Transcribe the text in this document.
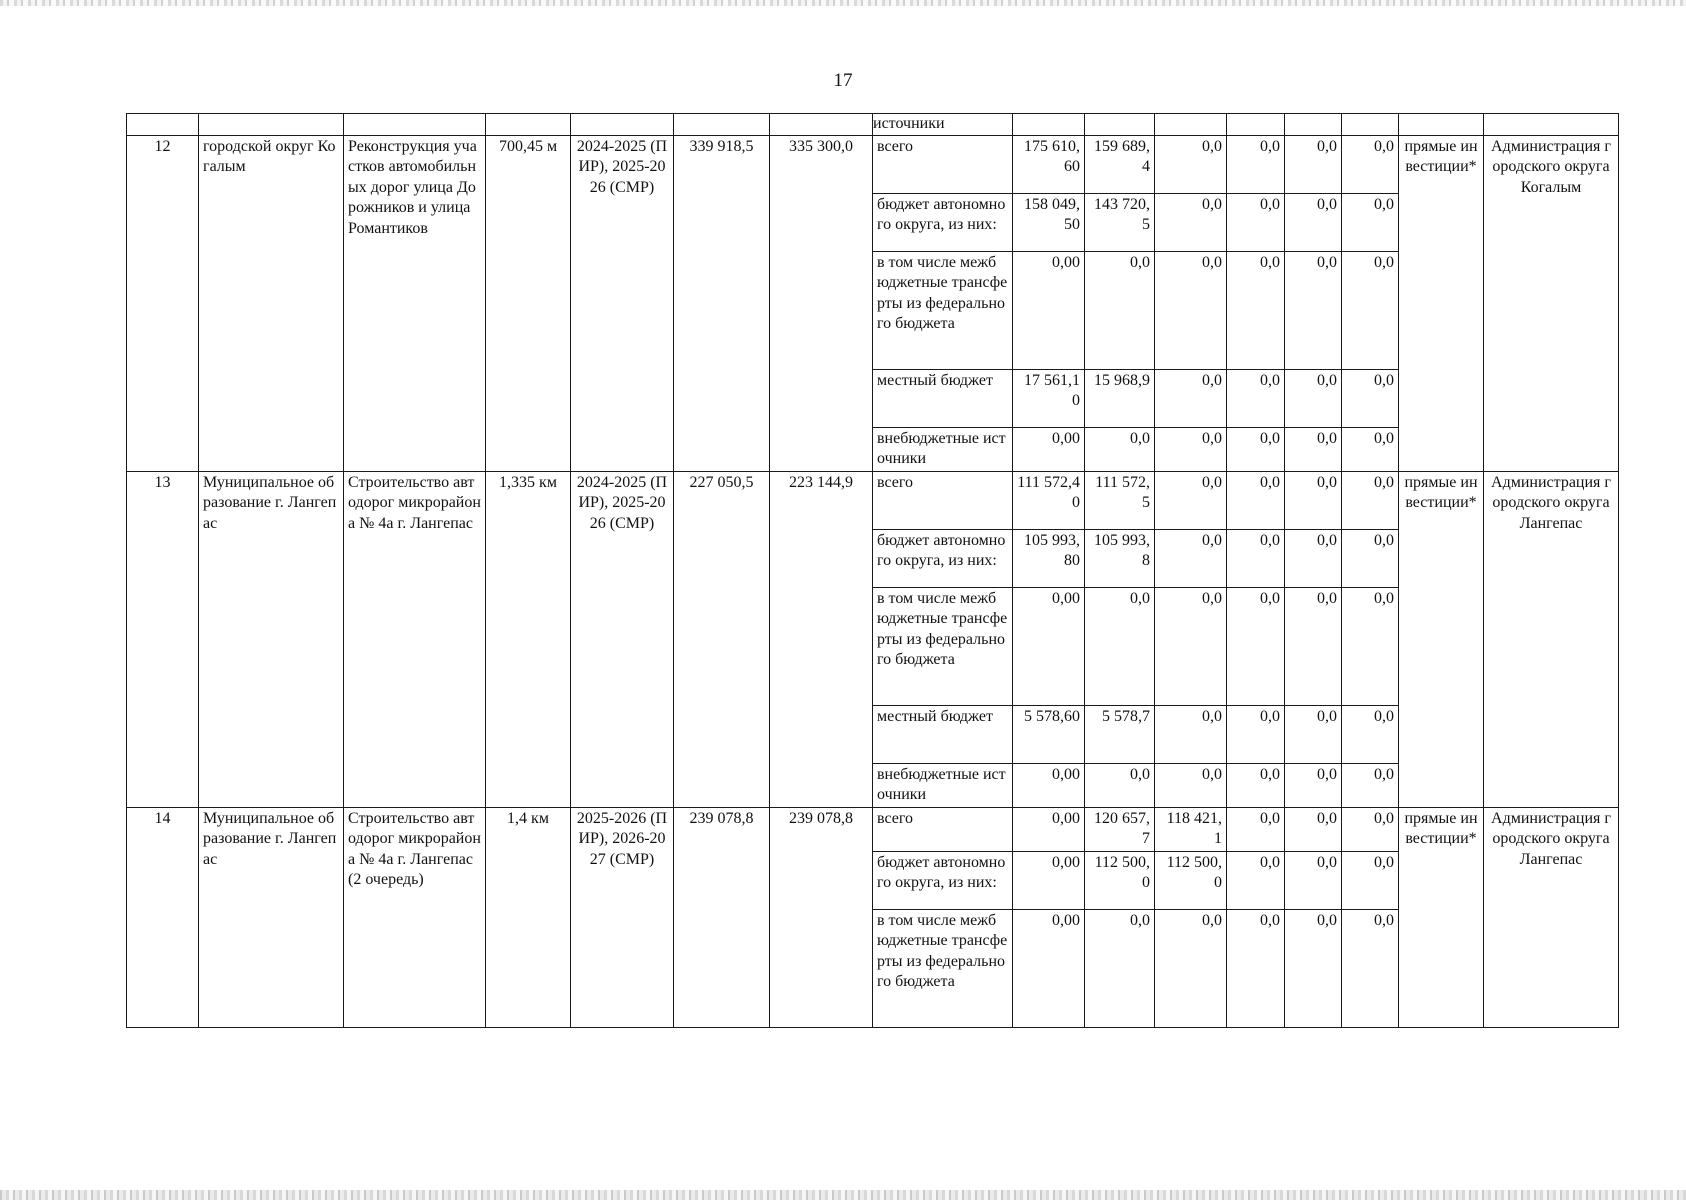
17
							источники								
12	городской округ Когалым	Реконструкция участков автомобильных дорог улица Дорожников и улица Романтиков	700,45 м	2024-2025 (ПИР), 2025-2026 (СМР)	339 918,5	335 300,0	всего	175 610,60	159 689,4	0,0	0,0	0,0	0,0	прямые инвестиции*	Администрация городского округа Когалым
							бюджет автономного округа, из них:	158 049,50	143 720,5	0,0	0,0	0,0	0,0		
							в том числе межбюджетные трансферты из федерального бюджета	0,00	0,0	0,0	0,0	0,0	0,0		
							местный бюджет	17 561,10	15 968,9	0,0	0,0	0,0	0,0		
							внебюджетные источники	0,00	0,0	0,0	0,0	0,0	0,0		
13	Муниципальное образование г. Лангепас	Строительство автодорог микрорайона № 4а г. Лангепас	1,335 км	2024-2025 (ПИР), 2025-2026 (СМР)	227 050,5	223 144,9	всего	111 572,40	111 572,5	0,0	0,0	0,0	0,0	прямые инвестиции*	Администрация городского округа Лангепас
							бюджет автономного округа, из них:	105 993,80	105 993,8	0,0	0,0	0,0	0,0		
							в том числе межбюджетные трансферты из федерального бюджета	0,00	0,0	0,0	0,0	0,0	0,0		
							местный бюджет	5 578,60	5 578,7	0,0	0,0	0,0	0,0		
							внебюджетные источники	0,00	0,0	0,0	0,0	0,0	0,0		
14	Муниципальное образование г. Лангепас	Строительство автодорог микрорайона № 4а г. Лангепас (2 очередь)	1,4 км	2025-2026 (ПИР), 2026-2027 (СМР)	239 078,8	239 078,8	всего	0,00	120 657,7	118 421,1	0,0	0,0	0,0	прямые инвестиции*	Администрация городского округа Лангепас
							бюджет автономного округа, из них:	0,00	112 500,0	112 500,0	0,0	0,0	0,0		
							в том числе межбюджетные трансферты из федерального бюджета	0,00	0,0	0,0	0,0	0,0	0,0		
